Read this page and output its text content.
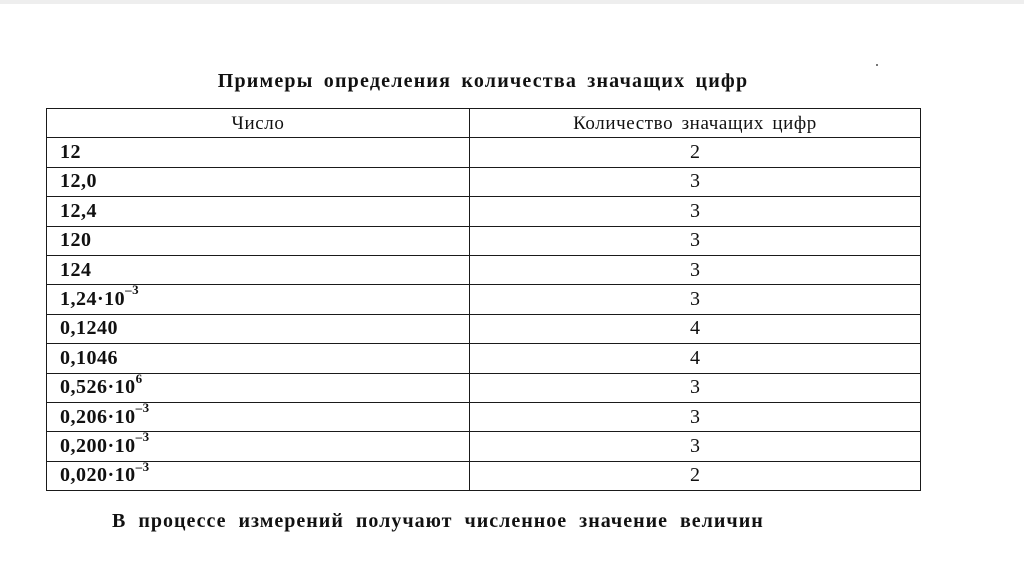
Примеры определения количества значащих цифр
Число	Количество значащих цифр
12	2
12,0	3
12,4	3
120	3
124	3
$1,24\cdot 10^{-3}$	3
0,1240	4
0,1046	4
$0,526\cdot 10^6$	3
$0,206\cdot 10^{-3}$	3
$0,200\cdot 10^{-3}$	3
$0,020\cdot 10^{-3}$	2
В процессе измерений получают численное значение величин
